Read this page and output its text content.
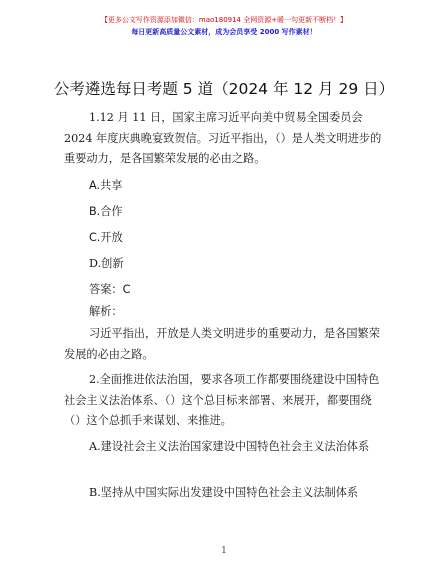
【更多公文写作资源添加微信：mao180914 全网资源+暖一句更新不断档！】
每日更新高质量公文素材，成为会员享受 2000 写作素材！
公考遴选每日考题 5 道（2024 年 12 月 29 日）
1.12 月 11 日，国家主席习近平向美中贸易全国委员会 2024 年度庆典晚宴致贺信。习近平指出，（）是人类文明进步的重要动力，是各国繁荣发展的必由之路。
A.共享
B.合作
C.开放
D.创新
答案：C
解析：
习近平指出，开放是人类文明进步的重要动力，是各国繁荣发展的必由之路。
2.全面推进依法治国，要求各项工作都要围绕建设中国特色社会主义法治体系、（）这个总目标来部署、来展开，都要围绕（）这个总抓手来谋划、来推进。
A.建设社会主义法治国家建设中国特色社会主义法治体系
B.坚持从中国实际出发建设中国特色社会主义法制体系
1
